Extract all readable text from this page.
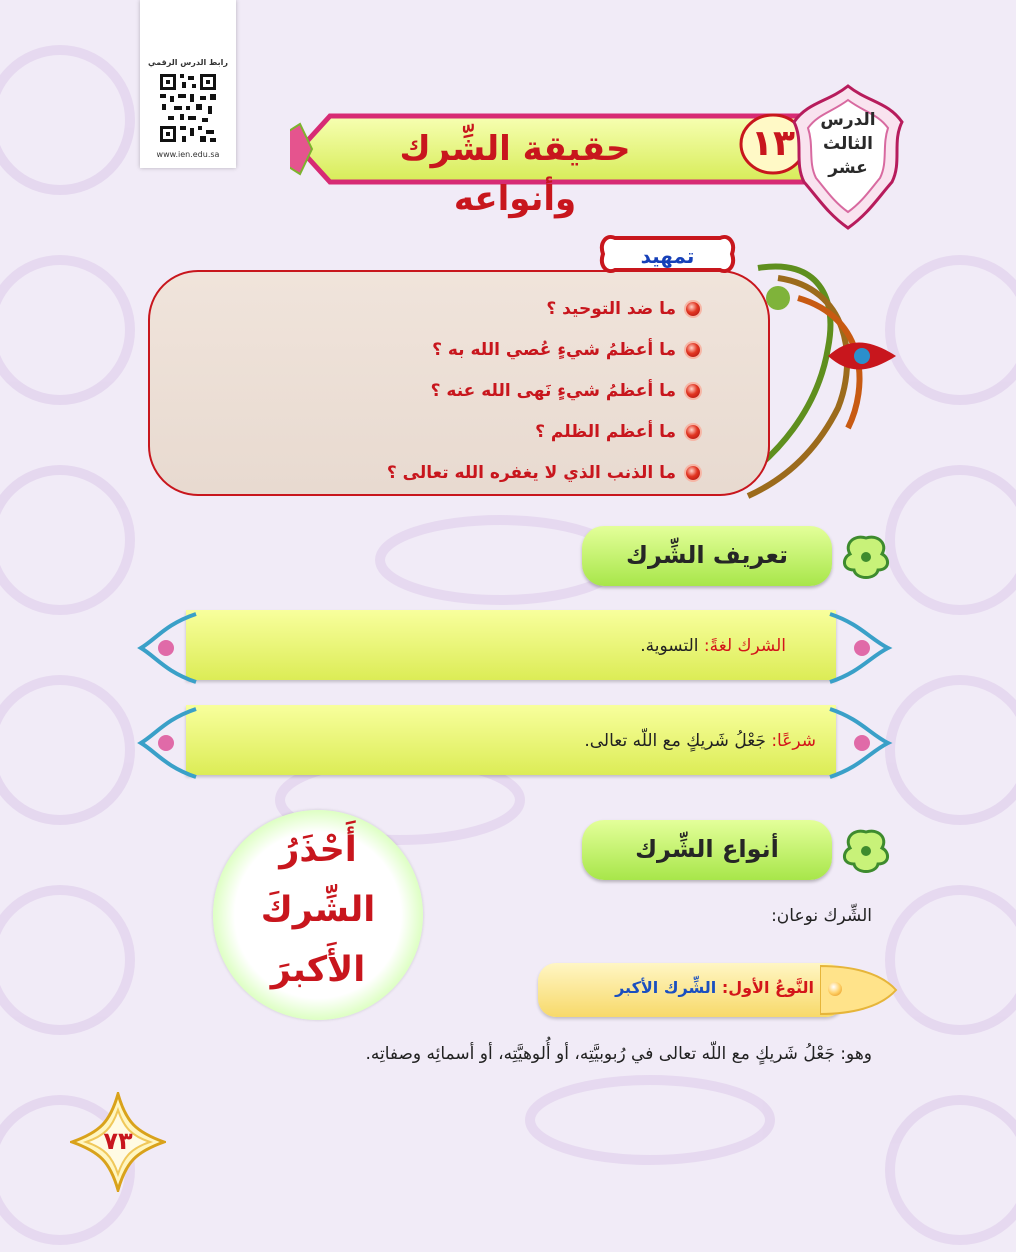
رابط الدرس الرقمي
www.ien.edu.sa	حقيقة الشِّرك وأنواعه
١٣
الدرس
الثالث
عشر
تمهيد
ما ضد التوحيد ؟
ما أعظمُ شيءٍ عُصي الله به ؟
ما أعظمُ شيءٍ نَهى الله عنه ؟
ما أعظم الظلم ؟
ما الذنب الذي لا يغفره الله تعالى ؟
تعريف الشِّرك
الشرك لغةً: التسوية.
شرعًا: جَعْلُ شَريكٍ مع اللّه تعالى.
أَحْذَرُ
الشِّركَ
الأَكبرَ
أنواع الشِّرك
الشِّرك نوعان:
النَّوعُ الأول: الشِّرك الأكبر
وهو: جَعْلُ شَريكٍ مع اللّه تعالى في رُبوبيَّتِه، أو أُلوهيَّتِه، أو أسمائِه وصفاتِه.
٧٣
